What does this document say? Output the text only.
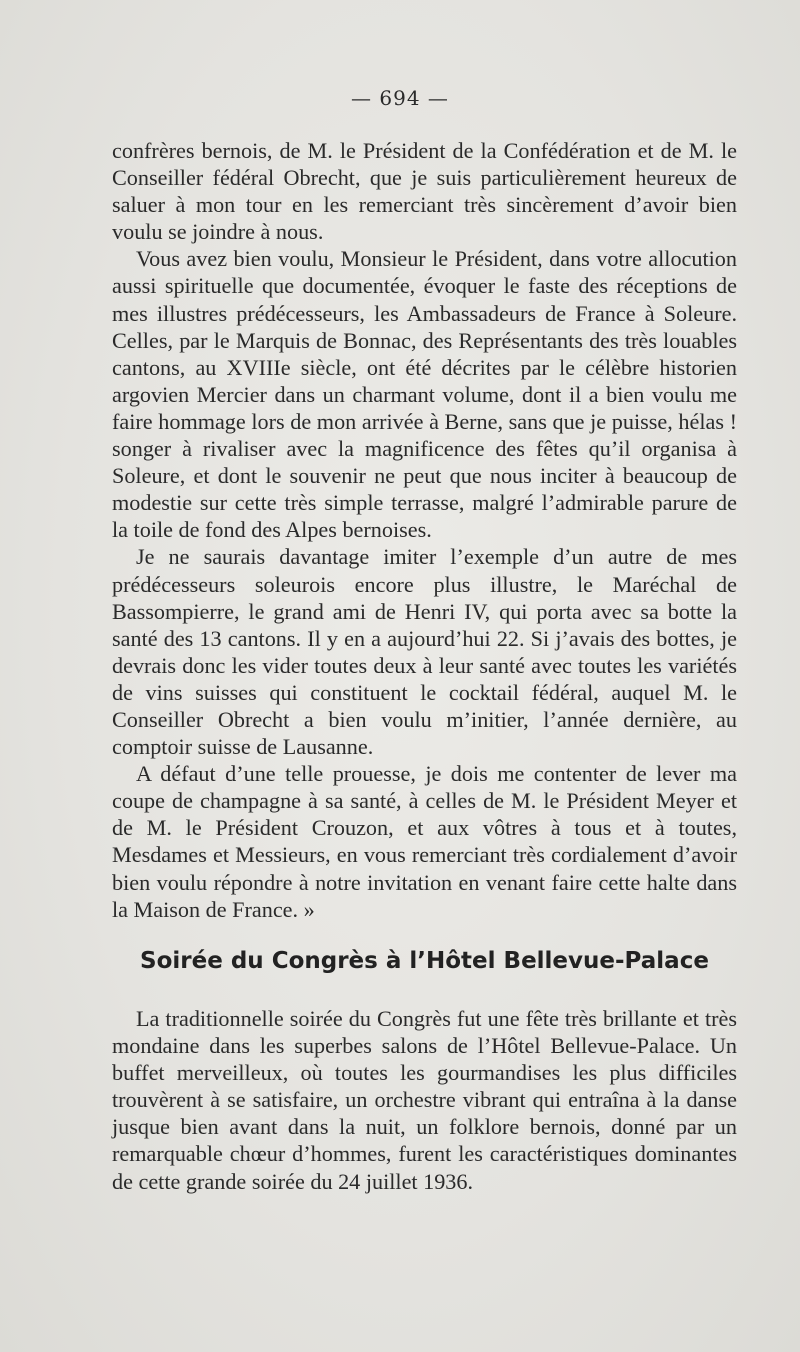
— 694 —

confrères bernois, de M. le Président de la Confédération et de M. le Conseiller fédéral Obrecht, que je suis particulièrement heureux de saluer à mon tour en les remerciant très sincèrement d’avoir bien voulu se joindre à nous.

Vous avez bien voulu, Monsieur le Président, dans votre allocution aussi spirituelle que documentée, évoquer le faste des réceptions de mes illustres prédécesseurs, les Ambassadeurs de France à Soleure. Celles, par le Marquis de Bonnac, des Représentants des très louables cantons, au XVIIIe siècle, ont été décrites par le célèbre historien argovien Mercier dans un charmant volume, dont il a bien voulu me faire hommage lors de mon arrivée à Berne, sans que je puisse, hélas ! songer à rivaliser avec la magnificence des fêtes qu’il organisa à Soleure, et dont le souvenir ne peut que nous inciter à beaucoup de modestie sur cette très simple terrasse, malgré l’admirable parure de la toile de fond des Alpes bernoises.

Je ne saurais davantage imiter l’exemple d’un autre de mes prédécesseurs soleurois encore plus illustre, le Maréchal de Bassompierre, le grand ami de Henri IV, qui porta avec sa botte la santé des 13 cantons. Il y en a aujourd’hui 22. Si j’avais des bottes, je devrais donc les vider toutes deux à leur santé avec toutes les variétés de vins suisses qui constituent le cocktail fédéral, auquel M. le Conseiller Obrecht a bien voulu m’initier, l’année dernière, au comptoir suisse de Lausanne.

A défaut d’une telle prouesse, je dois me contenter de lever ma coupe de champagne à sa santé, à celles de M. le Président Meyer et de M. le Président Crouzon, et aux vôtres à tous et à toutes, Mesdames et Messieurs, en vous remerciant très cordialement d’avoir bien voulu répondre à notre invitation en venant faire cette halte dans la Maison de France. »

Soirée du Congrès à l’Hôtel Bellevue-Palace

La traditionnelle soirée du Congrès fut une fête très brillante et très mondaine dans les superbes salons de l’Hôtel Bellevue-Palace. Un buffet merveilleux, où toutes les gourmandises les plus difficiles trouvèrent à se satisfaire, un orchestre vibrant qui entraîna à la danse jusque bien avant dans la nuit, un folklore bernois, donné par un remarquable chœur d’hommes, furent les caractéristiques dominantes de cette grande soirée du 24 juillet 1936.
